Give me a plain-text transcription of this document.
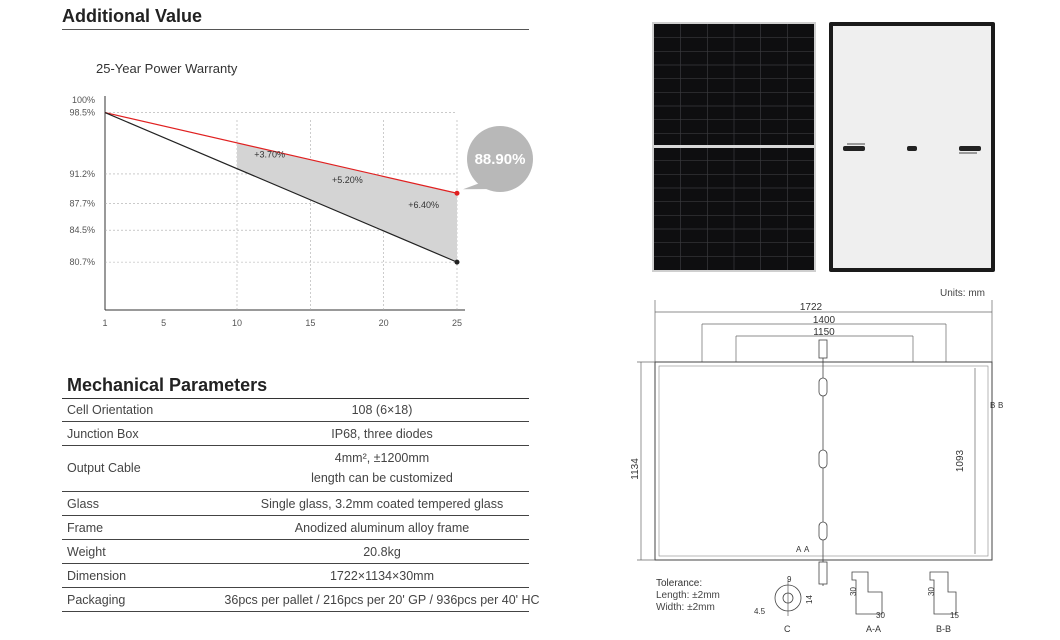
Additional Value
25-Year Power Warranty
100%
98.5%
91.2%
87.7%
84.5%
80.7%
1	5	10	15	20	25
+3.70%
+5.20%
+6.40%
88.90%
Mechanical Parameters
Cell Orientation	108 (6×18)
Junction Box	IP68, three diodes
Output Cable
4mm², ±1200mm
length can be customized
Glass	Single glass, 3.2mm coated tempered glass
Frame	Anodized aluminum alloy frame
Weight	20.8kg
Dimension	1722×1134×30mm
Packaging	36pcs per pallet / 216pcs per 20' GP / 936pcs per 40' HC
Units: mm
1722
1400
1150
1134	1093
B B
A A
Tolerance:
Length: ±2mm
Width: ±2mm
9
4.5
14
C
30
30
A-A
30
15
B-B
